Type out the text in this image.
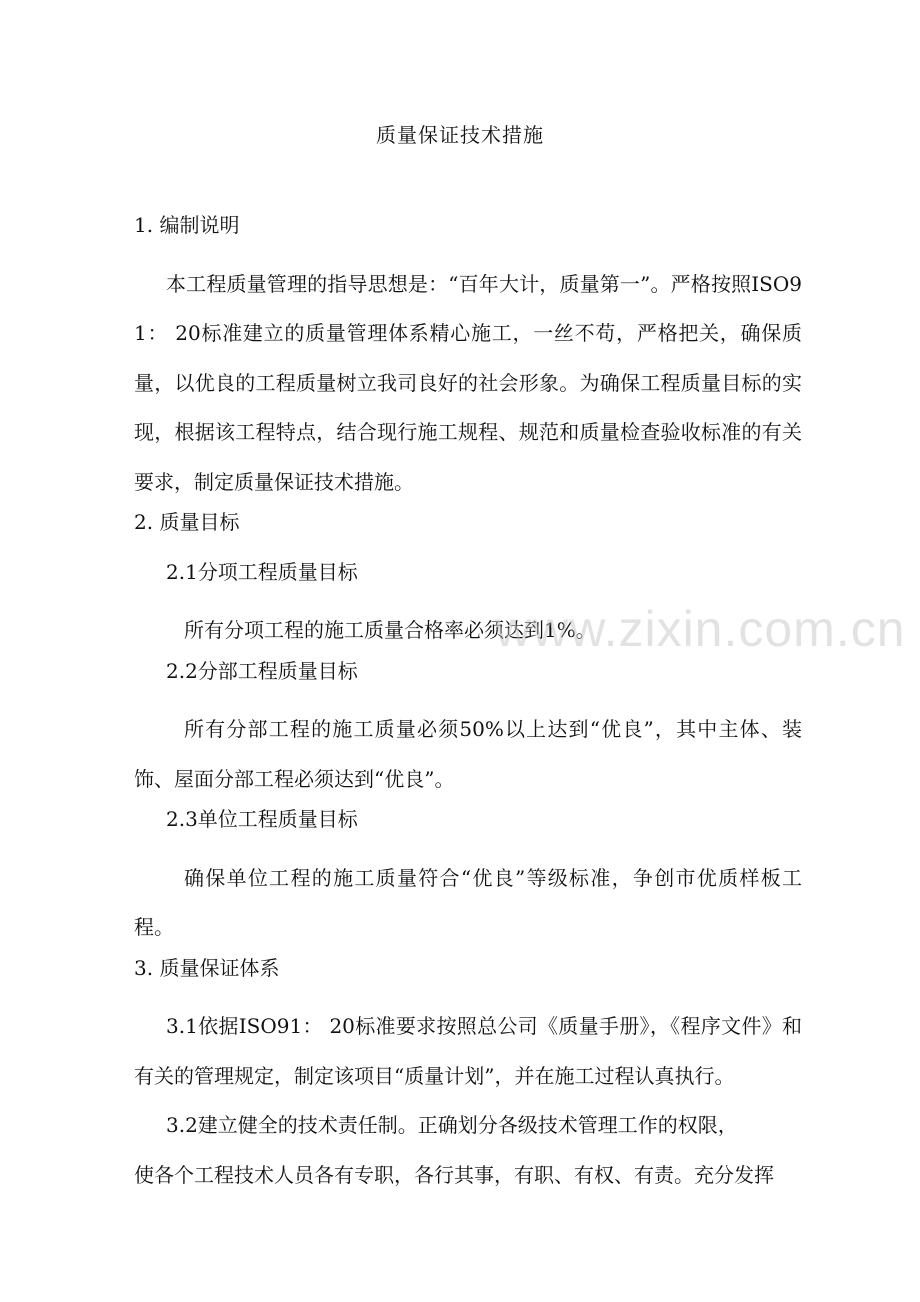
质量保证技术措施
1. 编制说明

本工程质量管理的指导思想是：“百年大计，质量第一”。严格按照ISO91： 20标准建立的质量管理体系精心施工，一丝不苟，严格把关，确保质量，以优良的工程质量树立我司良好的社会形象。为确保工程质量目标的实现，根据该工程特点，结合现行施工规程、规范和质量检查验收标准的有关要求，制定质量保证技术措施。

2. 质量目标
2.1分项工程质量目标

所有分项工程的施工质量合格率必须达到1%。

2.2分部工程质量目标

所有分部工程的施工质量必须50%以上达到“优良”，其中主体、装饰、屋面分部工程必须达到“优良”。

2.3单位工程质量目标

确保单位工程的施工质量符合“优良”等级标准，争创市优质样板工程。

3. 质量保证体系

3.1依据ISO91： 20标准要求按照总公司《质量手册》，《程序文件》和有关的管理规定，制定该项目“质量计划”，并在施工过程认真执行。

3.2建立健全的技术责任制。正确划分各级技术管理工作的权限，

使各个工程技术人员各有专职，各行其事，有职、有权、有责。充分发挥

www.zixin.com.cn
